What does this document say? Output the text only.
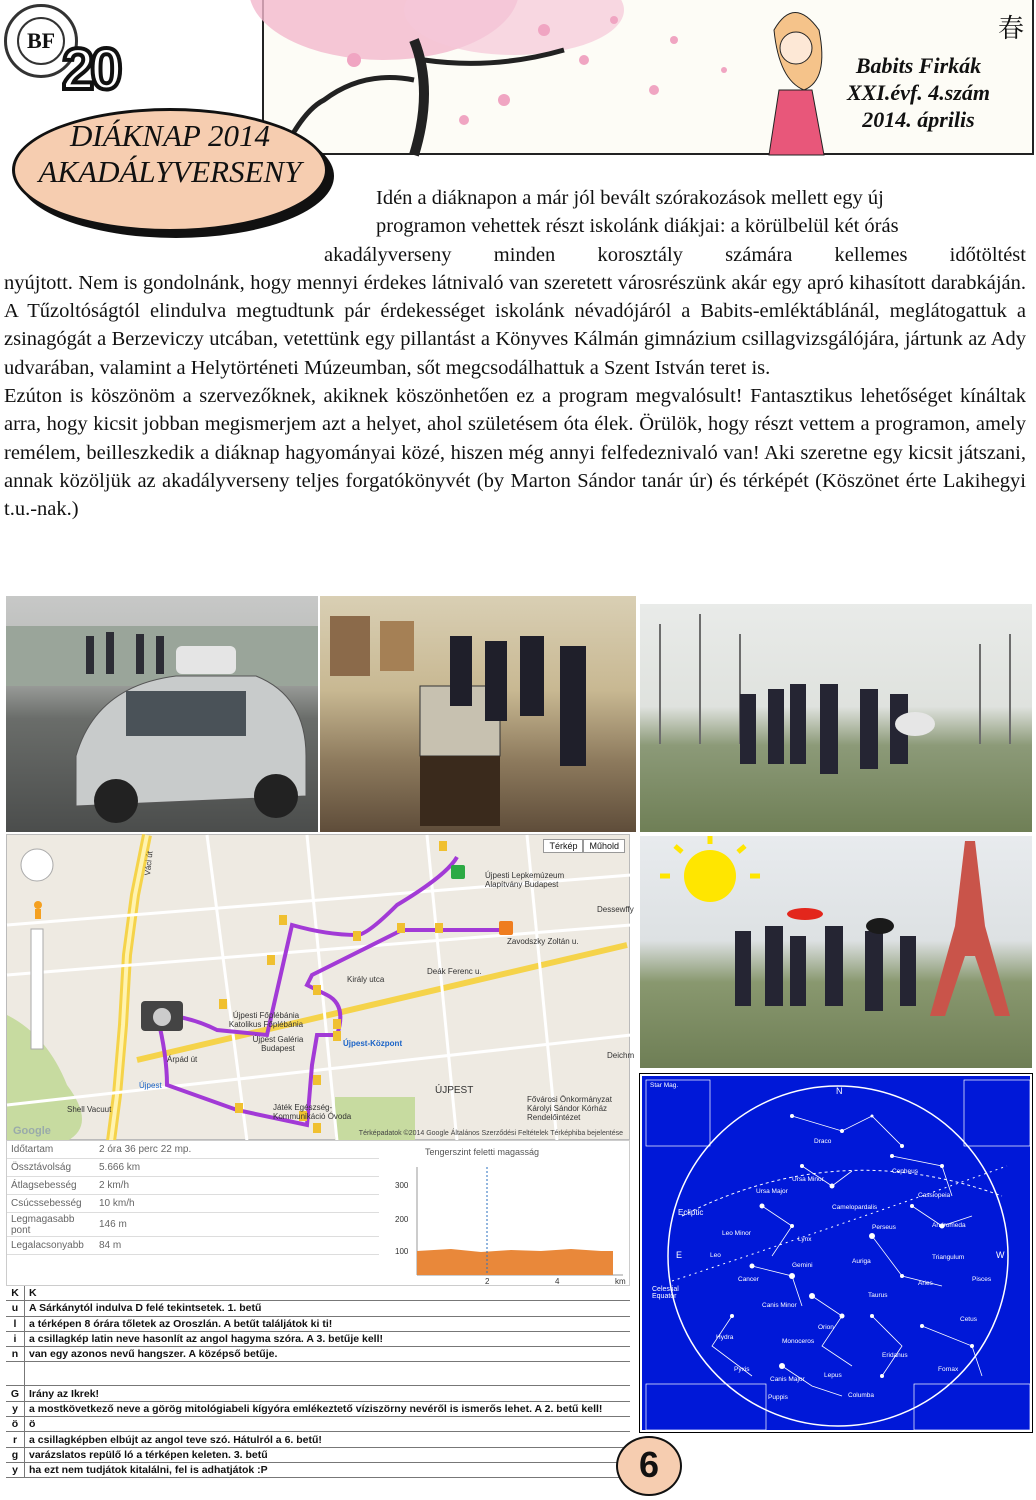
BF 20
春
Babits Firkák
XXI.évf. 4.szám
2014. április
DIÁKNAP 2014
AKADÁLYVERSENY
Idén a diáknapon a már jól bevált szórakozások mellett egy új
programon vehettek részt iskolánk diákjai: a körülbelül két órás
akadályverseny minden korosztály számára kellemes időtöltést

nyújtott. Nem is gondolnánk, hogy mennyi érdekes látnivaló van szeretett városrészünk akár egy apró kihasított darabkáján. A Tűzoltóságtól elindulva megtudtunk pár érdekességet iskolánk névadójáról a Babits-emléktáblánál, meglátogattuk a zsinagógát a Berzeviczy utcában, vetettünk egy pillantást a Könyves Kálmán gimnázium csillagvizsgálójára, jártunk az Ady udvarában, valamint a Helytörténeti Múzeumban, sőt megcsodálhattuk a Szent István teret is.

Ezúton is köszönöm a szervezőknek, akiknek köszönhetően ez a program megvalósult! Fantasztikus lehetőséget kínáltak arra, hogy kicsit jobban megismerjem azt a helyet, ahol születésem óta élek. Örülök, hogy részt vettem a programon, amely remélem, beilleszkedik a diáknap hagyományai közé, hiszen még annyi felfedeznivaló van! Aki szeretne egy kicsit játszani, annak közöljük az akadályverseny teljes forgatókönyvét (by Marton Sándor tanár úr) és térképét (Köszönet érte Lakihegyi t.u.-nak.)

Térkép	Műhold
Újpesti Lepkemúzeum Alapítvány Budapest
Dessewffy
Zavodszky Zoltán u.
Deák Ferenc u.
Király utca
Újpesti Főplébánia Katolikus Főplébánia
Újpest Galéria Budapest
Újpest-Központ
Árpád út
Váci út
Deichm
Újpest
Shell Vacuut
ÚJPEST
Játék Egészség-Kommunikáció Óvoda
Fővárosi Önkormányzat Károlyi Sándor Kórház Rendelőintézet
Google	Térképadatok ©2014 Google Általános Szerződési Feltételek Térképhiba bejelentése
Időtartam	2 óra 36 perc 22 mp.
Össztávolság	5.666 km
Átlagsebesség	2 km/h
Csúcssebesség	10 km/h
Legmagasabb pont	146 m
Legalacsonyabb	84 m
Tengerszint feletti magasság
300
200
100
2	4	km
K K
u	A Sárkánytól indulva D felé tekintsetek. 1. betű
l	a térképen 8 órára tőletek az Oroszlán. A betűt találjátok ki ti!
i	a csillagkép latin neve hasonlít az angol hagyma szóra. A 3. betűje kell!
n	van egy azonos nevű hangszer. A középső betűje.
G Irány az Ikrek!
y	a mostkövetkező neve a görög mitológiabeli kígyóra emlékeztető víziszörny nevéről is ismerős lehet. A 2. betű kell!
ö	ö
r	a csillagképben elbújt az angol teve szó. Hátulról a 6. betű!
g	varázslatos repülő ló a térképen keleten. 3. betű
y	ha ezt nem tudjátok kitalálni, fel is adhatjátok :P
Star Mag.
N
E	W
Ecliptic
Celestial Equator
Draco
Ursa Minor
Cepheus
Ursa Major
Cassiopeia
Camelopardalis
Leo Minor
Andromeda
Lynx
Perseus
Leo	Triangulum
Gemini
Auriga
Aries
Pisces
Cancer
Taurus
Canis Minor
Orion
Cetus
Hydra
Monoceros
Eridanus
Lepus
Canis Major
Fornax
Pyxis
Columba
Puppis
6
